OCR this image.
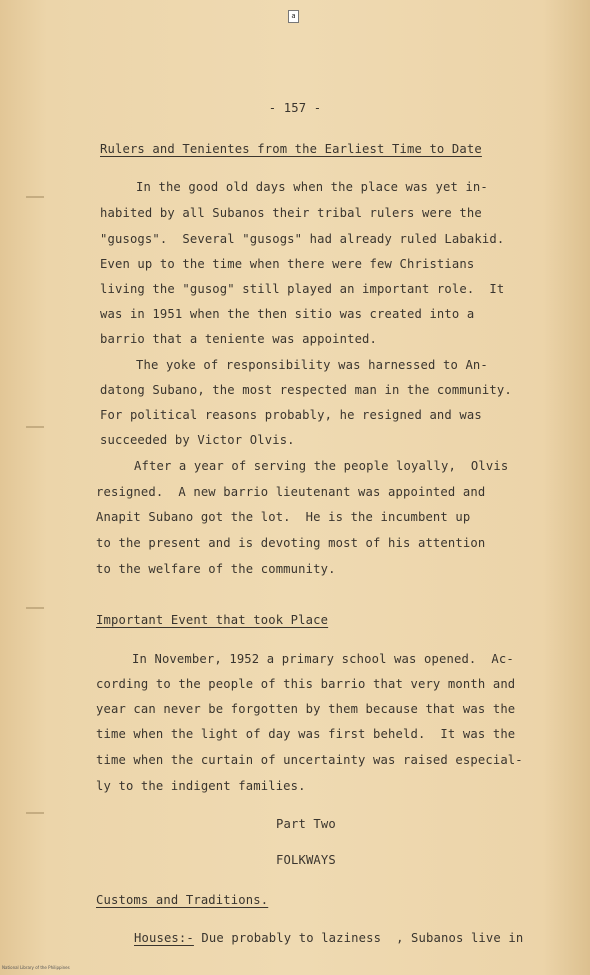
a
- 157 -
Rulers and Tenientes from the Earliest Time to Date
In the good old days when the place was yet in-
habited by all Subanos their tribal rulers were the
"gusogs".  Several "gusogs" had already ruled Labakid.
Even up to the time when there were few Christians
living the "gusog" still played an important role.  It
was in 1951 when the then sitio was created into a
barrio that a teniente was appointed.
The yoke of responsibility was harnessed to An-
datong Subano, the most respected man in the community.
For political reasons probably, he resigned and was
succeeded by Victor Olvis.
After a year of serving the people loyally,  Olvis
resigned.  A new barrio lieutenant was appointed and
Anapit Subano got the lot.  He is the incumbent up
to the present and is devoting most of his attention
to the welfare of the community.
Important Event that took Place
In November, 1952 a primary school was opened.  Ac-
cording to the people of this barrio that very month and
year can never be forgotten by them because that was the
time when the light of day was first beheld.  It was the
time when the curtain of uncertainty was raised especial-
ly to the indigent families.
Part Two
FOLKWAYS
Customs and Traditions.
Houses:- Due probably to laziness  , Subanos live in
National Library of the Philippines
